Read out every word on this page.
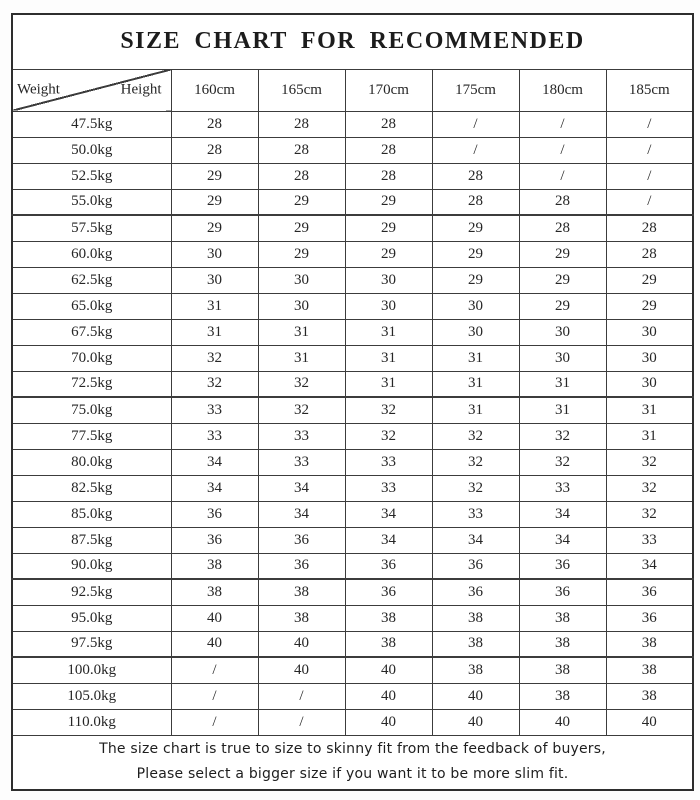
SIZE CHART FOR RECOMMENDED						

Weight Height	160cm	165cm	170cm	175cm	180cm	185cm
47.5kg	28	28	28	/	/	/
50.0kg	28	28	28	/	/	/
52.5kg	29	28	28	28	/	/
55.0kg	29	29	29	28	28	/
57.5kg	29	29	29	29	28	28
60.0kg	30	29	29	29	29	28
62.5kg	30	30	30	29	29	29
65.0kg	31	30	30	30	29	29
67.5kg	31	31	31	30	30	30
70.0kg	32	31	31	31	30	30
72.5kg	32	32	31	31	31	30
75.0kg	33	32	32	31	31	31
77.5kg	33	33	32	32	32	31
80.0kg	34	33	33	32	32	32
82.5kg	34	34	33	32	33	32
85.0kg	36	34	34	33	34	32
87.5kg	36	36	34	34	34	33
90.0kg	38	36	36	36	36	34
92.5kg	38	38	36	36	36	36
95.0kg	40	38	38	38	38	36
97.5kg	40	40	38	38	38	38
100.0kg	/	40	40	38	38	38
105.0kg	/	/	40	40	38	38
110.0kg	/	/	40	40	40	40

The size chart is true to size to skinny fit from the feedback of buyers,
Please select a bigger size if you want it to be more slim fit.						
